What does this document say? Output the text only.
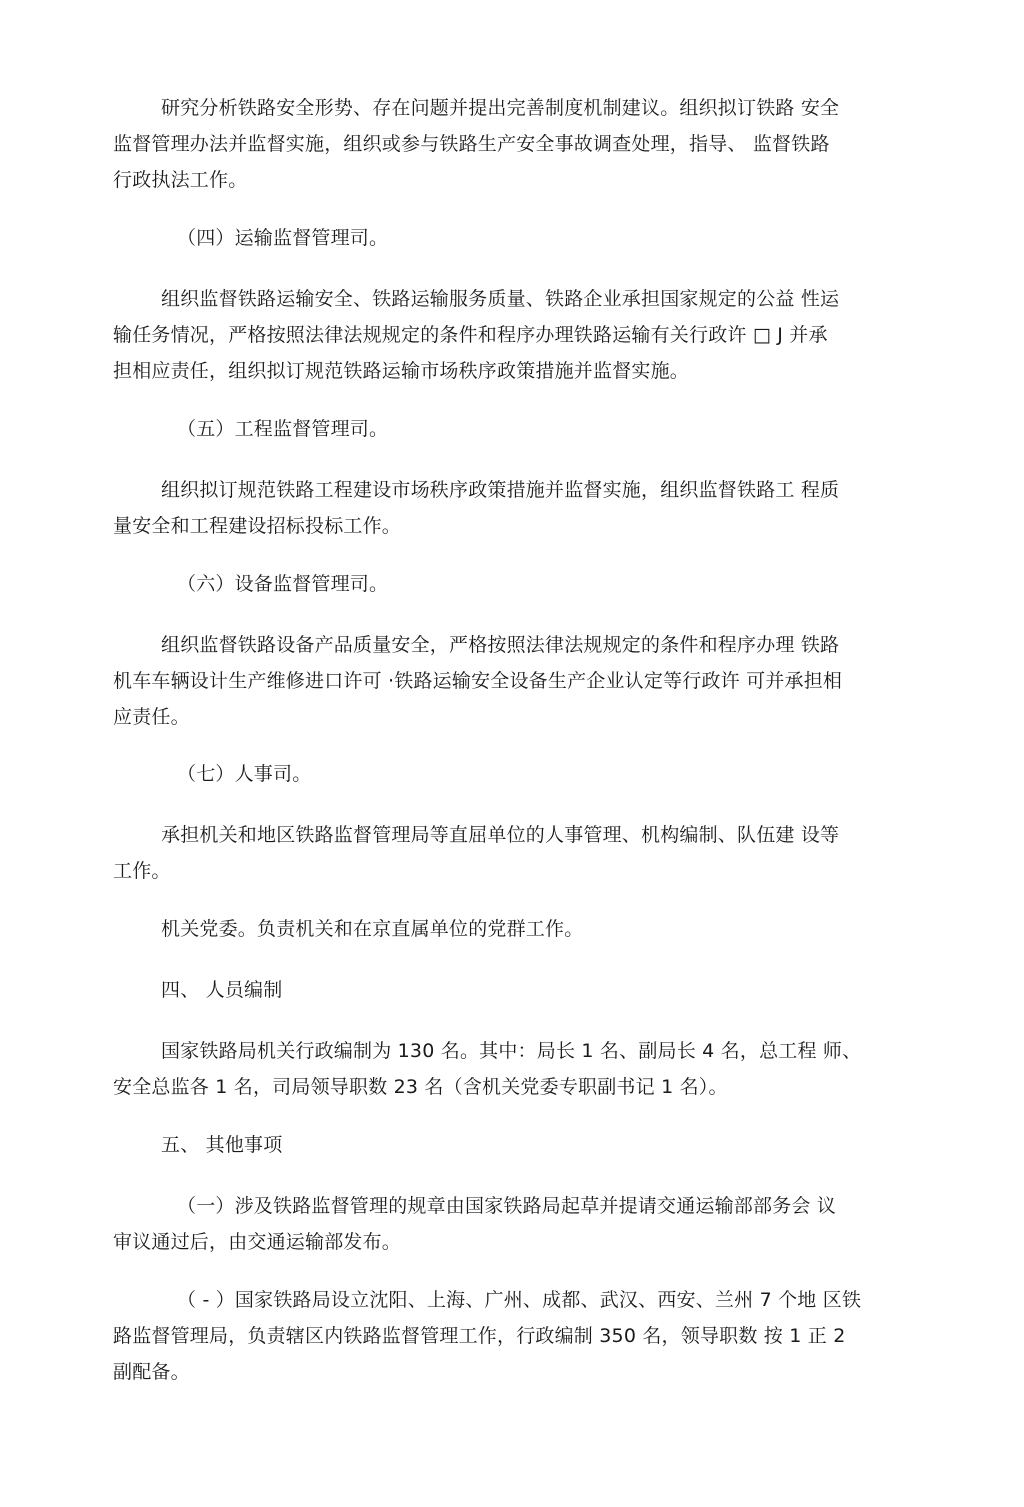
研究分析铁路安全形势、存在问题并提出完善制度机制建议。组织拟订铁路 安全
监督管理办法并监督实施，组织或参与铁路生产安全事故调查处理，指导、 监督铁路
行政执法工作。

（四）运输监督管理司。

组织监督铁路运输安全、铁路运输服务质量、铁路企业承担国家规定的公益 性运
输任务情况，严格按照法律法规规定的条件和程序办理铁路运输有关行政许 □ J 并承
担相应责任，组织拟订规范铁路运输市场秩序政策措施并监督实施。

（五）工程监督管理司。

组织拟订规范铁路工程建设市场秩序政策措施并监督实施，组织监督铁路工 程质
量安全和工程建设招标投标工作。

（六）设备监督管理司。

组织监督铁路设备产品质量安全，严格按照法律法规规定的条件和程序办理 铁路
机车车辆设计生产维修进口许可 ·铁路运输安全设备生产企业认定等行政许 可并承担相
应责任。

（七）人事司。

承担机关和地区铁路监督管理局等直屈单位的人事管理、机构编制、队伍建 设等
工作。

机关党委。负责机关和在京直属单位的党群工作。

四、 人员编制

国家铁路局机关行政编制为 130 名。其中：局长 1 名、副局长 4 名，总工程 师、
安全总监各 1 名，司局领导职数 23 名（含机关党委专职副书记 1 名）。

五、 其他事项

（一）涉及铁路监督管理的规章由国家铁路局起草并提请交通运输部部务会 议
审议通过后，由交通运输部发布。

（ - ）国家铁路局设立沈阳、上海、广州、成都、武汉、西安、兰州 7 个地 区铁
路监督管理局，负责辖区内铁路监督管理工作，行政编制 350 名，领导职数 按 1 正 2
副配备。
